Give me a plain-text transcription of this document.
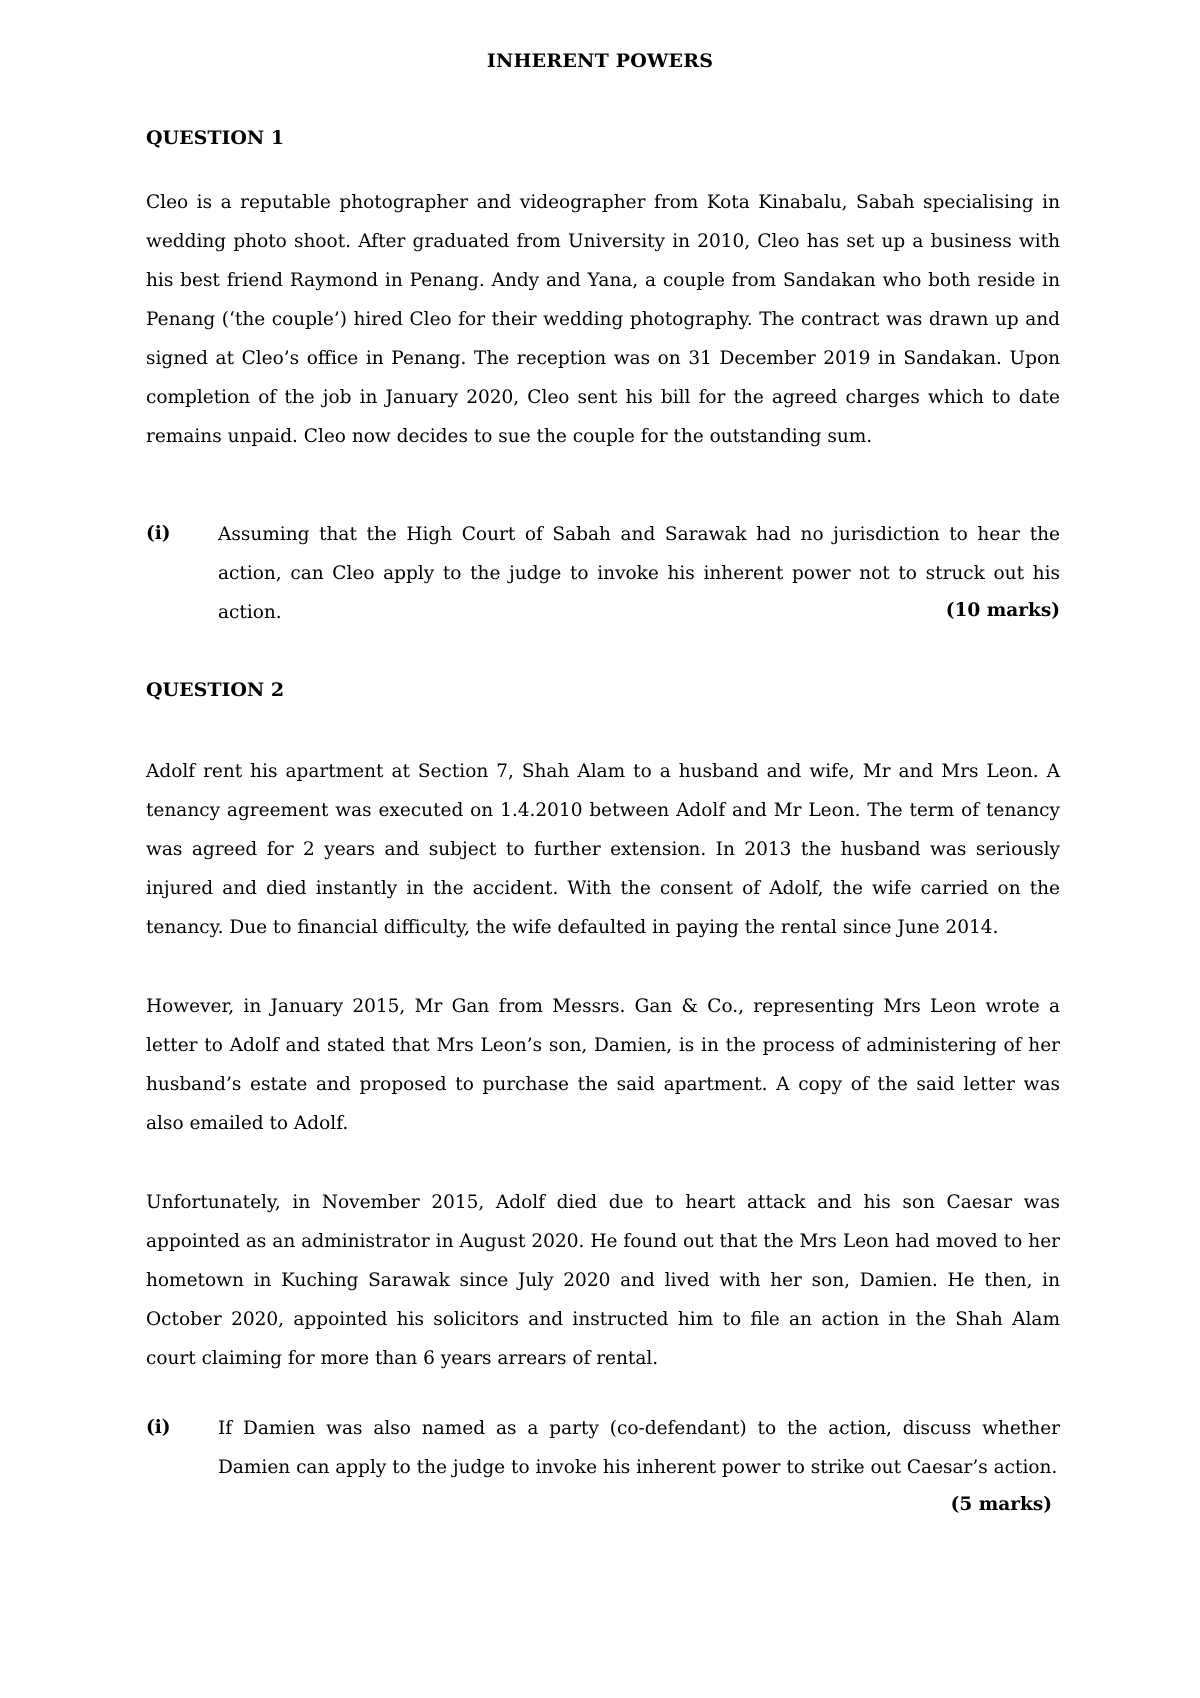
INHERENT POWERS
QUESTION 1
Cleo is a reputable photographer and videographer from Kota Kinabalu, Sabah specialising in wedding photo shoot. After graduated from University in 2010, Cleo has set up a business with his best friend Raymond in Penang. Andy and Yana, a couple from Sandakan who both reside in Penang (‘the couple’) hired Cleo for their wedding photography. The contract was drawn up and signed at Cleo’s office in Penang. The reception was on 31 December 2019 in Sandakan. Upon completion of the job in January 2020, Cleo sent his bill for the agreed charges which to date remains unpaid. Cleo now decides to sue the couple for the outstanding sum.
(i)	Assuming that the High Court of Sabah and Sarawak had no jurisdiction to hear the action, can Cleo apply to the judge to invoke his inherent power not to struck out his action.	(10 marks)
QUESTION 2
Adolf rent his apartment at Section 7, Shah Alam to a husband and wife, Mr and Mrs Leon. A tenancy agreement was executed on 1.4.2010 between Adolf and Mr Leon. The term of tenancy was agreed for 2 years and subject to further extension. In 2013 the husband was seriously injured and died instantly in the accident. With the consent of Adolf, the wife carried on the tenancy. Due to financial difficulty, the wife defaulted in paying the rental since June 2014.
However, in January 2015, Mr Gan from Messrs. Gan & Co., representing Mrs Leon wrote a letter to Adolf and stated that Mrs Leon’s son, Damien, is in the process of administering of her husband’s estate and proposed to purchase the said apartment. A copy of the said letter was also emailed to Adolf.
Unfortunately, in November 2015, Adolf died due to heart attack and his son Caesar was appointed as an administrator in August 2020. He found out that the Mrs Leon had moved to her hometown in Kuching Sarawak since July 2020 and lived with her son, Damien. He then, in October 2020, appointed his solicitors and instructed him to file an action in the Shah Alam court claiming for more than 6 years arrears of rental.
(i)	If Damien was also named as a party (co-defendant) to the action, discuss whether Damien can apply to the judge to invoke his inherent power to strike out Caesar’s action.
(5 marks)
